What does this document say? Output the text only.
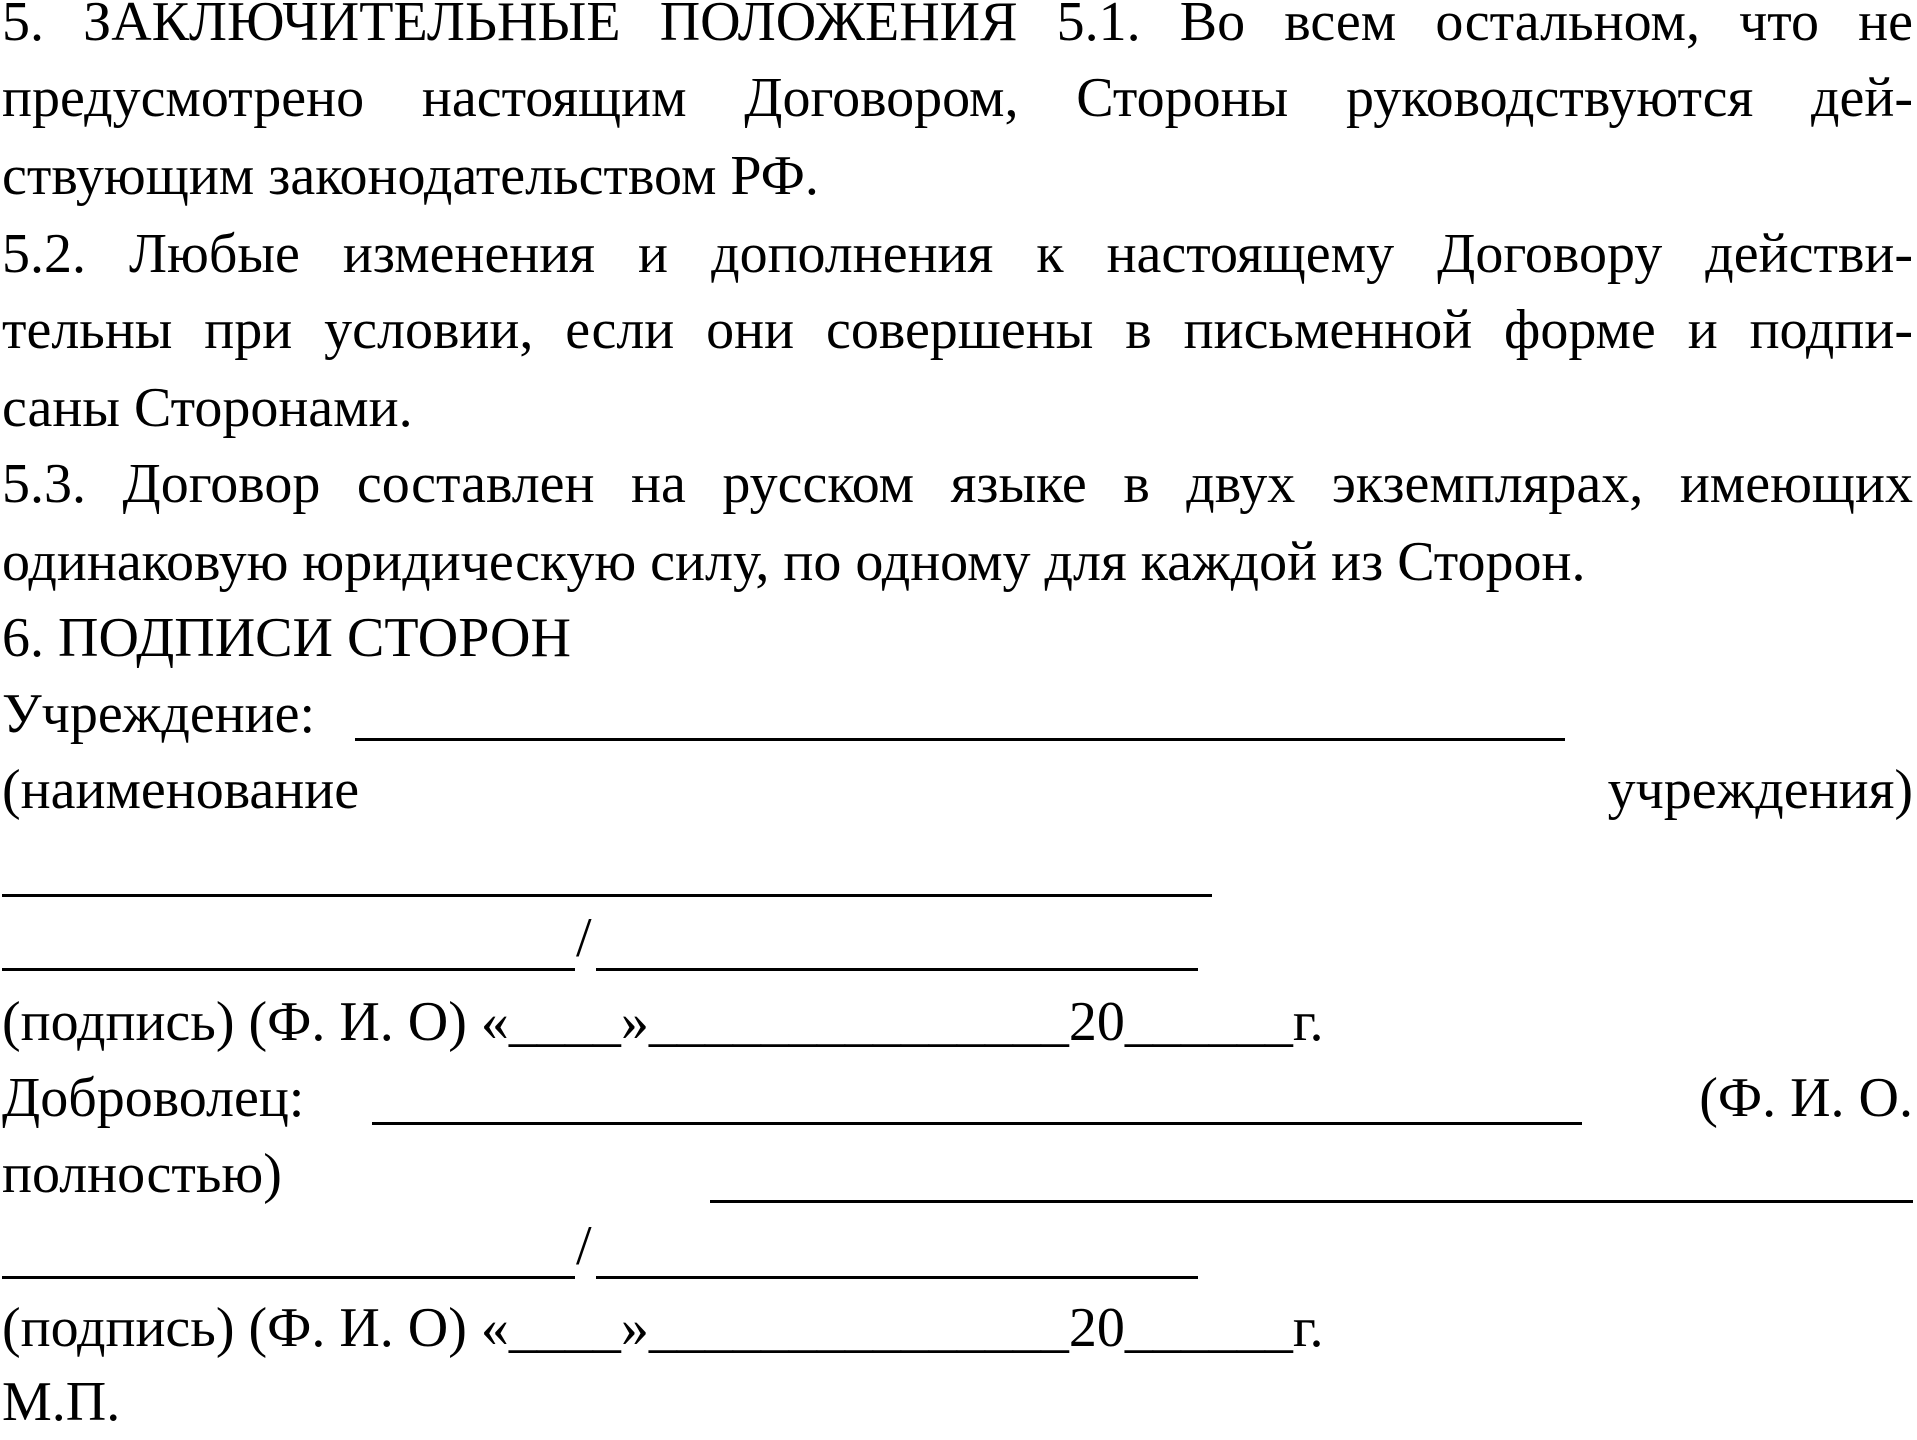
5. ЗАКЛЮЧИТЕЛЬНЫЕ ПОЛОЖЕНИЯ 5.1. Во всем остальном, что не
предусмотрено настоящим Договором, Стороны руководствуются дей-
ствующим законодательством РФ.
5.2. Любые изменения и дополнения к настоящему Договору действи-
тельны при условии, если они совершены в письменной форме и подпи-
саны Сторонами.
5.3. Договор составлен на русском языке в двух экземплярах, имеющих
одинаковую юридическую силу, по одному для каждой из Сторон.
6. ПОДПИСИ СТОРОН
Учреждение:
(наименование	учреждения)
/
(подпись) (Ф. И. О) «____»_______________20______г.
Доброволец:	(Ф. И. О.
полностью)
/
(подпись) (Ф. И. О) «____»_______________20______г.
М.П.
